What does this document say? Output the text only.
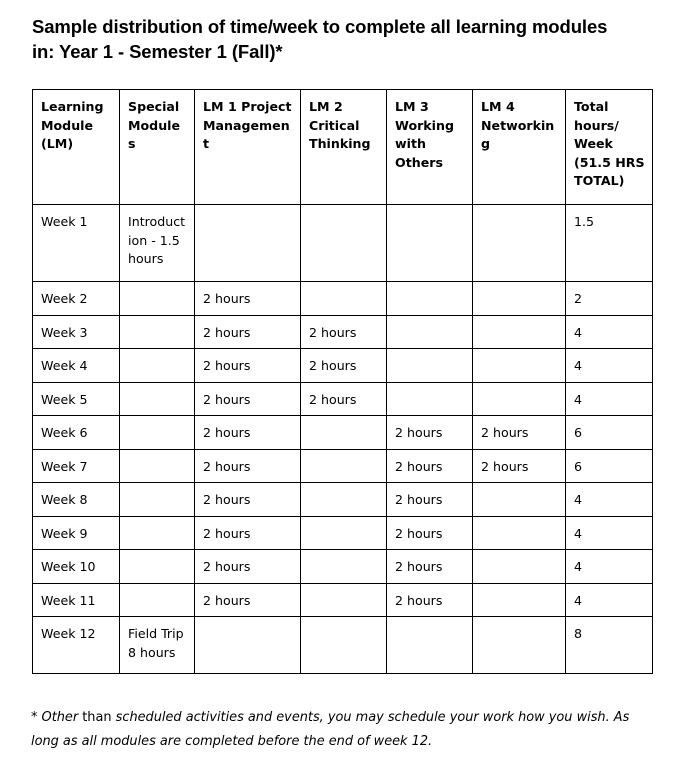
Sample distribution of time/week to complete all learning modules in: Year 1 - Semester 1 (Fall)*
Learning Module (LM)	Special Modules	LM 1 Project Management	LM 2 Critical Thinking	LM 3 Working with Others	LM 4 Networking	Total hours/ Week (51.5 HRS TOTAL)
Week 1	Introduction - 1.5 hours					1.5
Week 2		2 hours				2
Week 3		2 hours	2 hours			4
Week 4		2 hours	2 hours			4
Week 5		2 hours	2 hours			4
Week 6		2 hours		2 hours	2 hours	6
Week 7		2 hours		2 hours	2 hours	6
Week 8		2 hours		2 hours		4
Week 9		2 hours		2 hours		4
Week 10		2 hours		2 hours		4
Week 11		2 hours		2 hours		4
Week 12	Field Trip 8 hours					8
* Other than scheduled activities and events, you may schedule your work how you wish. As long as all modules are completed before the end of week 12.
